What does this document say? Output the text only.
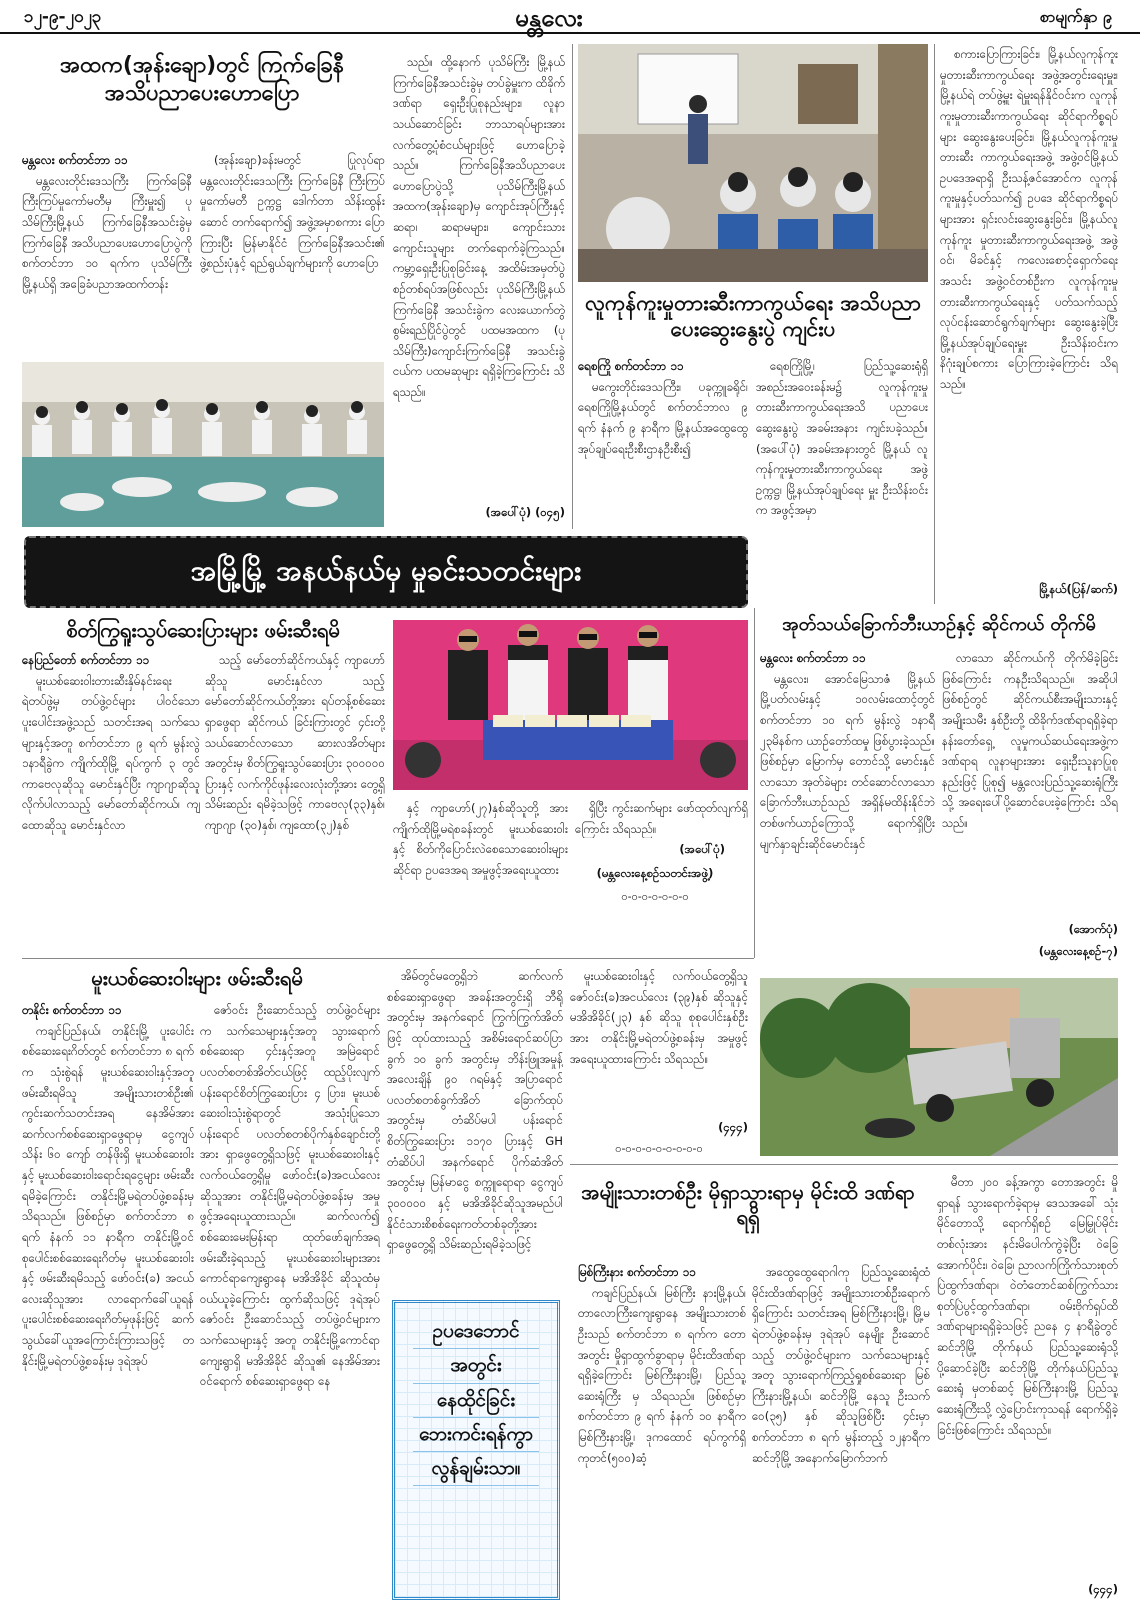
၁၂-၉-၂၀၂၃	မန္တလေး	စာမျက်နှာ ၉
အထက(အုန်းချော)တွင် ကြက်ခြေနီ အသိပညာပေးဟောပြော
မန္တလေး စက်တင်ဘာ ၁၁

မန္တလေးတိုင်းဒေသကြီး ကြက်ခြေနီကြီးကြပ်မှုကော်မတီမှ ကြီးမှူး၍ ပုသိမ်ကြီးမြို့နယ် ကြက်ခြေနီအသင်းခွဲမှကြက်ခြေနီ အသိပညာပေးဟောပြောပွဲကို စက်တင်ဘာ ၁၀ ရက်က ပုသိမ်ကြီး မြို့နယ်ရှိ အခြေခံပညာအထက်တန်း

(အုန်းချော)ခန်းမတွင် ပြုလုပ်ရာ မန္တလေးတိုင်းဒေသကြီး ကြက်ခြေနီ ကြီးကြပ်မှုကော်မတီ ဥက္ကဋ္ဌ ဒေါက်တာ သိန်းထွန်းဆောင် တက်ရောက်၍ အဖွဲ့အမှာစကား ပြောကြားပြီး မြန်မာနိုင်ငံ ကြက်ခြေနီအသင်း၏ ဖွဲ့စည်းပုံနှင့် ရည်ရွယ်ချက်များကို ဟောပြော

သည်။ ထို့နောက် ပုသိမ်ကြီး မြို့နယ်ကြက်ခြေနီအသင်းခွဲမှ တပ်ခွဲမှူးက ထိခိုက်ဒဏ်ရာ ရှေးဦးပြုစုနည်းများ၊ လူနာသယ်ဆောင်ခြင်း ဘာသာရပ်များအား လက်တွေ့ပုံစံငယ်များဖြင့် ဟောပြောခဲ့သည်။ ကြက်ခြေနီအသိပညာပေး ဟောပြောပွဲသို့ ပုသိမ်ကြီးမြို့နယ် အထက(အုန်းချော)မှ ကျောင်းအုပ်ကြီးနှင့် ဆရာ၊ ဆရာမများ၊ ကျောင်းသားကျောင်းသူများ တက်ရောက်ခဲ့ကြသည်။ ကမ္ဘာ့ရှေးဦးပြုစုခြင်းနေ့ အထိမ်းအမှတ်ပွဲစဉ်တစ်ရပ်အဖြစ်လည်း ပုသိမ်ကြီးမြို့နယ်ကြက်ခြေနီ အသင်းခွဲက လေးယောက်တွဲ စွမ်းရည်ပြိုင်ပွဲတွင် ပထမအထက (ပုသိမ်ကြီး)ကျောင်းကြက်ခြေနီ အသင်းခွဲငယ်က ပထမဆုများ ရရှိခဲ့ကြကြောင်း သိရသည်။

(အပေါ်ပုံ) (၀၄၅)
လူကုန်ကူးမှုတားဆီးကာကွယ်ရေး အသိပညာပေးဆွေးနွေးပွဲ ကျင်းပ
ရေစကြို စက်တင်ဘာ ၁၁

မကွေးတိုင်းဒေသကြီး၊ ပခုက္ကူခရိုင်၊ ရေစကြိုမြို့နယ်တွင် စက်တင်ဘာလ ၉ ရက် နံနက် ၉ နာရီက မြို့နယ်အထွေထွေ အုပ်ချုပ်ရေးဦးစီးဌာနဦးစီး၍

ရေစကြိုမြို့၊ ပြည်သူ့ဆေးရုံရှိ အစည်းအဝေးခန်းမ၌ လူကုန်ကူးမှု တားဆီးကာကွယ်ရေးအသိ ပညာပေးဆွေးနွေးပွဲ အခမ်းအနား ကျင်းပခဲ့သည်။ (အပေါ်ပုံ) အခမ်းအနားတွင် မြို့နယ် လူကုန်ကူးမှုတားဆီးကာကွယ်ရေး အဖွဲ့ဥက္ကဋ္ဌ၊ မြို့နယ်အုပ်ချုပ်ရေး မှူး ဦးသိန်းဝင်းက အဖွင့်အမှာ

စကားပြောကြားခြင်း၊ မြို့နယ်လူကုန်ကူးမှုတားဆီးကာကွယ်ရေး အဖွဲ့အတွင်းရေးမှူး၊ မြို့နယ်ရဲ တပ်ဖွဲ့မှူး ရဲမှူးရန်နိုင်ဝင်းက လူကုန်ကူးမှုတားဆီးကာကွယ်ရေး ဆိုင်ရာကိစ္စရပ်များ ဆွေးနွေးပေးခြင်း၊ မြို့နယ်လူကုန်ကူးမှုတားဆီး ကာကွယ်ရေးအဖွဲ့ အဖွဲ့ဝင်မြို့နယ် ဥပဒေအရာရှိ ဦးသန့်ဇင်အောင်က လူကုန်ကူးမှုနှင့်ပတ်သက်၍ ဥပဒေ ဆိုင်ရာကိစ္စရပ်များအား ရှင်းလင်းဆွေးနွေးခြင်း၊ မြို့နယ်လူကုန်ကူး မှုတားဆီးကာကွယ်ရေးအဖွဲ့ အဖွဲ့ဝင်၊ မိခင်နှင့် ကလေးစောင့်ရှောက်ရေးအသင်း အဖွဲ့ဝင်တစ်ဦးက လူကုန်ကူးမှုတားဆီးကာကွယ်ရေးနှင့် ပတ်သက်သည့် လုပ်ငန်းဆောင်ရွက်ချက်များ ဆွေးနွေးခဲ့ပြီး မြို့နယ်အုပ်ချုပ်ရေးမှူး ဦးသိန်းဝင်းက နိဂုံးချုပ်စကား ပြောကြားခဲ့ကြောင်း သိရသည်။

မြို့နယ်(ပြန်/ဆက်)
အမြို့မြို့ အနယ်နယ်မှ မှုခင်းသတင်းများ
စိတ်ကြွရူးသွပ်ဆေးပြားများ ဖမ်းဆီးရမိ
နေပြည်တော် စက်တင်ဘာ ၁၁

မူးယစ်ဆေးဝါးတားဆီးနှိမ်နင်းရေးရဲတပ်ဖွဲ့မှ တပ်ဖွဲ့ဝင်များ ပါဝင်သော ပူးပေါင်းအဖွဲ့သည် သတင်းအရ သက်သေများနှင့်အတူ စက်တင်ဘာ ၉ ရက် မွန်းလွဲ ၁နာရီခွဲက ကျိုက်ထိုမြို့ ရပ်ကွက် ၃ တွင် ကာဗေလုဆိုသူ မောင်းနှင်ပြီး ကျာဂျာဆိုသူ လိုက်ပါလာသည့် မော်တော်ဆိုင်ကယ်၊ ကျထောဆိုသူ မောင်းနှင်လာ

သည့် မော်တော်ဆိုင်ကယ်နှင့် ကျာဟော်ဆိုသူ မောင်းနှင်လာ သည့် မော်တော်ဆိုင်ကယ်တို့အား ရပ်တန့်စစ်ဆေးရှာဖွေရာ ဆိုင်ကယ် ခြင်းကြားတွင် ၄င်းတို့ သယ်ဆောင်လာသော ဆားလအိတ်များအတွင်းမှ စိတ်ကြွရူးသွပ်ဆေးပြား ၃၀၀၀၀၀ ပြားနှင့် လက်ကိုင်ဖုန်းလေးလုံးတို့အား တွေ့ရှိသိမ်းဆည်း ရမိခဲ့သဖြင့် ကာဗေလု(၃၃)နှစ်၊ ကျာဂျာ (၃၀)နှစ်၊ ကျထော(၃၂)နှစ်

နှင့် ကျာဟော်(၂၇)နှစ်ဆိုသူတို့ အား ကျိုက်ထိုမြို့မရဲစခန်းတွင် မူးယစ်ဆေးဝါးနှင့် စိတ်ကိုပြောင်းလဲစေသောဆေးဝါးများဆိုင်ရာ ဥပဒေအရ အမှုဖွင့်အရေးယူထား

ရှိပြီး ကွင်းဆက်များ ဖော်ထုတ်လျက်ရှိကြောင်း သိရသည်။

(အပေါ်ပုံ)
(မန္တလေးနေ့စဉ်သတင်းအဖွဲ့)
၀-၀-၀-၀-၀-၀-၀
အုတ်သယ်ခြောက်ဘီးယာဉ်နှင့် ဆိုင်ကယ် တိုက်မိ
မန္တလေး စက်တင်ဘာ ၁၁

မန္တလေး၊ အောင်မြေသာဇံ မြို့နယ် မြို့ပတ်လမ်းနှင့် ၁၀လမ်းထောင့်တွင် စက်တင်ဘာ ၁၀ ရက် မွန်းလွဲ ၁နာရီ ၂၃မိနစ်က ယာဉ်တော်ထမှု ဖြစ်ပွားခဲ့သည်။ ဖြစ်စဉ်မှာ မြောက်မှ တောင်သို့ မောင်းနှင်လာသော အုတ်ခဲများ တင်ဆောင်လာသော ခြောက်ဘီးယာဉ်သည် အရှိန်မထိန်းနိုင်ဘဲ တစ်ဖက်ယာဉ်ကြောသို့ ရောက်ရှိပြီး မျက်နှာချင်းဆိုင်မောင်းနှင်

လာသော ဆိုင်ကယ်ကို တိုက်မိခဲ့ခြင်းဖြစ်ကြောင်း ကနဦးသိရသည်။ အဆိုပါ ဖြစ်စဉ်တွင် ဆိုင်ကယ်စီးအမျိုးသားနှင့် အမျိုးသမီး နှစ်ဦးတို့ ထိခိုက်ဒဏ်ရာရရှိခဲ့ရာ နန်းတော်ရှေ့ လူမှုကယ်ဆယ်ရေးအဖွဲ့က ဒဏ်ရာရ လူနာများအား ရှေးဦးသူနာပြုစုနည်းဖြင့် ပြုစု၍ မန္တလေးပြည်သူ့ဆေးရုံကြီးသို့ အရေးပေါ်ပို့ဆောင်ပေးခဲ့ကြောင်း သိရသည်။

(အောက်ပုံ)
(မန္တလေးနေ့စဉ်-၇)
မူးယစ်ဆေးဝါးများ ဖမ်းဆီးရမိ
တနိုင်း စက်တင်ဘာ ၁၁

ကချင်ပြည်နယ်၊ တနိုင်းမြို့ ပူးပေါင်းစစ်ဆေးရေးဂိတ်တွင် စက်တင်ဘာ ၈ ရက်က သုံးစွဲရန် မူးယစ်ဆေးဝါးနှင့်အတူ ဖမ်းဆီးရမိသူ အမျိုးသားတစ်ဦး၏ ကွင်းဆက်သတင်းအရ နေအိမ်အား ဆက်လက်စစ်ဆေးရှာဖွေရာမှ ငွေကျပ်သိန်း ၆၀ ကျော် တန်ဖိုးရှိ မူးယစ်ဆေးဝါးနှင့် မူးယစ်ဆေးဝါးရောင်းရငွေများ ဖမ်းဆီးရမိခဲ့ကြောင်း တနိုင်းမြို့မရဲတပ်ဖွဲ့စခန်းမှ သိရသည်။ ဖြစ်စဉ်မှာ စက်တင်ဘာ ၈ ရက် နံနက် ၁၁ နာရီက တနိုင်းမြို့ဝင် စုပေါင်းစစ်ဆေးရေးဂိတ်မှ မူးယစ်ဆေးဝါးနှင့် ဖမ်းဆီးရမိသည့် ဖော်ဝင်း(ခ) အငယ်လေးဆိုသူအား လာရောက်ခေါ်ယူရန် ပူးပေါင်းစစ်ဆေးရေးဂိတ်မှဖုန်းဖြင့် ဆက်သွယ်ခေါ်ယူအကြောင်းကြားသဖြင့် တနိုင်းမြို့မရဲတပ်ဖွဲ့စခန်းမှ ဒုရဲအုပ်

ဇော်ဝင်း ဦးဆောင်သည့် တပ်ဖွဲ့ဝင်များက သက်သေများနှင့်အတူ သွားရောက်စစ်ဆေးရာ ၄င်းနှင့်အတူ အမြဲရောင်ပလတ်စတစ်အိတ်ငယ်ဖြင့် ထည့်ပိုးလျက် ပန်းရောင်စိတ်ကြွဆေးပြား ၄ ပြား၊ မူးယစ်ဆေးဝါးသုံးစွဲရာတွင် အသုံးပြုသော ပန်းရောင် ပလတ်စတစ်ပိုက်နှစ်ချောင်းတို့အား ရှာဖွေတွေ့ရှိသဖြင့် မူးယစ်ဆေးဝါးနှင့် လက်ဝယ်တွေ့ရှိမှု ဖော်ဝင်း(ခ)အငယ်လေးဆိုသူအား တနိုင်းမြို့မရဲတပ်ဖွဲ့စခန်းမှ အမှုဖွင့်အရေးယူထားသည်။ ဆက်လက်၍ စစ်ဆေးမေးမြန်းရာ ထုတ်ဖော်ချက်အရ ဖမ်းဆီးခဲ့ရသည့် မူးယစ်ဆေးဝါးများအား ကောင်ရာကျေးရွာနေ မအိအိခိုင် ဆိုသူထံမှ ဝယ်ယူခဲ့ကြောင်း ထွက်ဆိုသဖြင့် ဒုရဲအုပ် ဇော်ဝင်း ဦးဆောင်သည့် တပ်ဖွဲ့ဝင်များက သက်သေများနှင့် အတူ တနိုင်းမြို့ကောင်ရာကျေးရွာရှိ မအိအိခိုင် ဆိုသူ၏ နေအိမ်အား ဝင်ရောက် စစ်ဆေးရှာဖွေရာ နေ

အိမ်တွင်မတွေ့ရှိဘဲ ဆက်လက် စစ်ဆေးရှာဖွေရာ အခန်းအတွင်းရှိ ဘီရိုအတွင်းမှ အနက်ရောင် ကြွက်ကြွက်အိတ်ဖြင့် ထုပ်ထားသည့် အစိမ်းရောင်ဆပ်ပြာခွက် ၁၀ ခွက် အတွင်းမှ ဘိန်းဖြူအမှုန့် အလေးချိန် ၉၀ ဂရမ်နှင့် အပြာရောင်ပလတ်စတစ်ခွက်အိတ် ခြောက်ထုပ်အတွင်းမှ တံဆိပ်မပါ ပန်းရောင် စိတ်ကြွဆေးပြား ၁၁၇၀ ပြားနှင့် GH တံဆိပ်ပါ အနက်ရောင် ပိုက်ဆံအိတ်အတွင်းမှ မြန်မာငွေ စက္ကူရောရာ ငွေကျပ် ၃၀၀၀၀၀ နှင့် မအိအိခိုင်ဆိုသူအမည်ပါ နိုင်ငံသားစိစစ်ရေးကတ်တစ်ခုတို့အား ရှာဖွေတွေ့ရှိ သိမ်းဆည်းရမိခဲ့သဖြင့်

မူးယစ်ဆေးဝါးနှင့် လက်ဝယ်တွေ့ရှိသူ ဇော်ဝင်း(ခ)အငယ်လေး (၃၉)နှစ် ဆိုသူနှင့် မအိအိခိုင်(၂၃) နှစ် ဆိုသူ စုစုပေါင်းနှစ်ဦးအား တနိုင်းမြို့မရဲတပ်ဖွဲ့စခန်းမှ အမှုဖွင့် အရေးယူထားကြောင်း သိရသည်။

(၄၄၄)
၀-၀-၀-၀-၀-၀-၀-၀-၀
ဥပဒေဘောင်
အတွင်း
နေထိုင်ခြင်း
ဘေးကင်းရန်ကွာ
လွန်ချမ်းသာ။
အမျိုးသားတစ်ဦး မိုရှာသွားရာမှ မိုင်းထိ ဒဏ်ရာရရှိ
မြစ်ကြီးနား စက်တင်ဘာ ၁၁

ကချင်ပြည်နယ်၊ မြစ်ကြီး နားမြို့နယ်၊ တာလောကြီးကျေးရွာနေ အမျိုးသားတစ်ဦးသည် စက်တင်ဘာ ၈ ရက်က တောအတွင်း မှိုရှာထွက်ခွာရာမှ မိုင်းထိဒဏ်ရာ ရရှိခဲ့ကြောင်း မြစ်ကြီးနားမြို့၊ ပြည်သူ့ဆေးရုံကြီး မှ သိရသည်။ ဖြစ်စဉ်မှာ စက်တင်ဘာ ၉ ရက် နံနက် ၁၀ နာရီက မြစ်ကြီးနားမြို့၊ ဒုကထောင် ရပ်ကွက်ရှိ ကုတင်(၅၀၀)ဆံ့

အထွေထွေရောဂါကု ပြည်သူ့ဆေးရုံထံ မိုင်းထိဒဏ်ရာဖြင့် အမျိုးသားတစ်ဦးရောက်ရှိကြောင်း သတင်းအရ မြစ်ကြီးနားမြို့၊ မြို့မရဲတပ်ဖွဲ့စခန်းမှ ဒုရဲအုပ် နေမျိုး ဦးဆောင်သည့် တပ်ဖွဲ့ဝင်များက သက်သေများနှင့်အတူ သွားရောက်ကြည့်ရှုစစ်ဆေးရာ မြစ်ကြီးနားမြို့နယ်၊ ဆင်ဘိုမြို့ နေသူ ဦးသက်ဝေ(၃၅) နှစ် ဆိုသူဖြစ်ပြီး ၄င်းမှာ စက်တင်ဘာ ၈ ရက် မွန်းတည့် ၁၂နာရီက ဆင်ဘိုမြို့ အနောက်မြောက်ဘက်

မီတာ ၂၀၀ ခန့်အကွာ တောအတွင်း မှိုရှာရန် သွားရောက်ခဲ့ရာမှ ဒေသအခေါ် သုံးမိုင်တောသို့ ရောက်ရှိစဉ် မြေမြှုပ်မိုင်းတစ်လုံးအား နင်းမိပေါက်ကွဲခဲ့ပြီး ဝဲခြေ အောက်ပိုင်း၊ ဝဲခြေ၊ ညာလက်ကြိုက်သားစုတ်ပြဲထွက်ဒဏ်ရာ၊ ဝဲတံတောင်ဆစ်ကြွက်သား စုတ်ပြဲပွင့်ထွက်ဒဏ်ရာ၊ ဝမ်းဗိုက်ရှပ်ထိဒဏ်ရာများရရှိခဲ့သဖြင့် ညနေ ၄ နာရီခွဲတွင် ဆင်ဘိုမြို့ တိုက်နယ် ပြည်သူ့ဆေးရုံသို့ ပို့ဆောင်ခဲ့ပြီး ဆင်ဘိုမြို့ တိုက်နယ်ပြည်သူ့ဆေးရုံ မှတစ်ဆင့် မြစ်ကြီးနားမြို့ ပြည်သူ့ဆေးရုံကြီးသို့ လွှဲပြောင်းကုသရန် ရောက်ရှိခဲ့ခြင်းဖြစ်ကြောင်း သိရသည်။

(၄၄၄)
